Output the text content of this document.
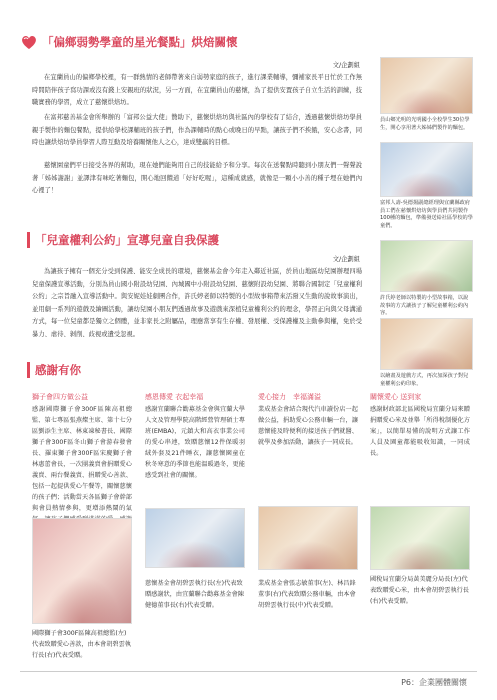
「偏鄉弱勢學童的星光餐點」烘焙關懷
文/企劃組
在宜蘭員山的偏鄉學校裡，有一群熱情的老師帶著來自弱勢家庭的孩子，進行課業輔導，彌補家長平日忙於工作無時間陪伴孩子寫功課或沒有錢上安親班的狀況，另一方面，在宜蘭員山的慈懷，為了提供安置孩子自立生活的訓練，技職實務的學習，成立了慈懷烘焙坊。
在富邦慈善基金會所舉辦的「富邦公益大使」贊助下，慈懷烘焙坊與社區內的學校有了結合，透過慈懷烘焙坊學員親手製作的麵包餐點，提供給學校課輔班的孩子們，作為課輔時的點心或晚日的早點，讓孩子們不挨餓，安心念書，同時也讓烘焙坊學員學習人際互動及培養關懷他人之心，達成雙贏的目標。
慈懷園童們平日接受各界的幫助，現在她們能夠用自己的技能給予和分享。每次在送餐點時聽到小朋友們一聲聲說著「姊姊謝謝」並譯津有味吃著麵包，開心地回饋道「好好吃喔」，這種成就感，就像是一顆小小善的種子埋在她們內心裡了！
員山鄉光明的光明國小全校學生30位學生，開心享用著大姊姊們製作的麵包。
富邦人壽-吳德揚副總經理與宜蘭縣政府員工們在慈懷烘焙坊與學員們共同製作100種的麵包，準備發送給社區學校的學童們。
「兒童權利公約」宣導兒童自我保護
文/企劃組
為讓孩子擁有一個充分受到保護、能安全成長的環境，慈懷基金會今年走入鄰近社區，於員山地區幼兒園辦理四場兒童保護宣導活動，分別為員山國小附設幼兒園、內城國中小附設幼兒園、慈懷附設幼兒園、將聯合國制定「兒童權利公約」之宗旨融入宣導活動中。與安妮娃娃劇團合作，許氏婷老師以特製的小型故事箱帶來活潑又生動的說故事演出，並用劇一系列的遊戲及繪圖活動，讓幼兒園小朋友們透過故事及遊戲來深植兒童權利公約的理念，學習正向與父母溝通方式，每一位兒童都是獨立之個體，並非家長之附屬品，理應當享有生存權、發展權、受保護權及主動參與權，免於受暴力、虐待、剝削、歧視或遺受忽視。
許氏婷老師以特製的小型故事箱，以說故事的方式讓孩子了解兒童權利公約內容。
以繪畫及遊戲方式，再次加深孩子對兒童權利公約印象。
感謝有你
獅子會四方做公益
感謝國際獅子會300F區陳高祖總監、第七專區張燕燦主席、第十七分區劉添生主席、林東凍秘書長、國際獅子會300F區冬山獅子會游春發會長、羅東獅子會300F區宋慶獅子會林惠蕾會長，一次團義賣會捐贈愛心義賣、兩台餐義賣、捐贈愛心善款、包括一起提供愛心午餐等，關懷慈懷的孩子們；活動當天各區獅子會幹部與會員熱情參與，更增添熱鬧的氣
國際獅子會300F區陳高祖總監(左)代表致贈愛心善款，由本會胡碧雲執行長(右)代表受贈。
感恩傳愛 衣起幸福
感謝宜蘭聯合勸募基金會與宜蘭大學人文及管理學院高階經營管理碩士專班(EMBA)，元鎮大和高衣事業公司的愛心串連，致贈慈懷12件保暖羽絨外套及21件睡衣，讓慈懷園童在秋冬寒意的季節也能溫暖過冬，更能感受到社會的關懷。
慈懷基金會胡碧雲執行長(左)代表致贈感謝狀，由宜蘭聯合勸募基金會陳健德董事長(右)代表受贈。
愛心接力　幸福滿溢
業成基金會結合現代汽車讀份店一起做公益，捐助愛心公務車輛一台，讓慈懷能及時便利的接送孩子們就醫、就學及參加活動，讓孩子一同成長。
業成基金會張志敏董事(左)、林昌鋒董事(右)代表致贈公務車輛，由本會胡碧雲執行長(中)代表受贈。
關懷愛心 送到家
感謝財政部北區國稅局宜蘭分局來贈捐贈愛心米及並舉「所得稅制優化方案」，以簡單易懂的說明方式讓工作人員及園童都能吸收知識，一同成長。
國稅局宜蘭分局黃美麗分局長(左)代表致贈愛心米，由本會胡碧雲執行長(右)代表受贈。
P6：企業團體關懷
